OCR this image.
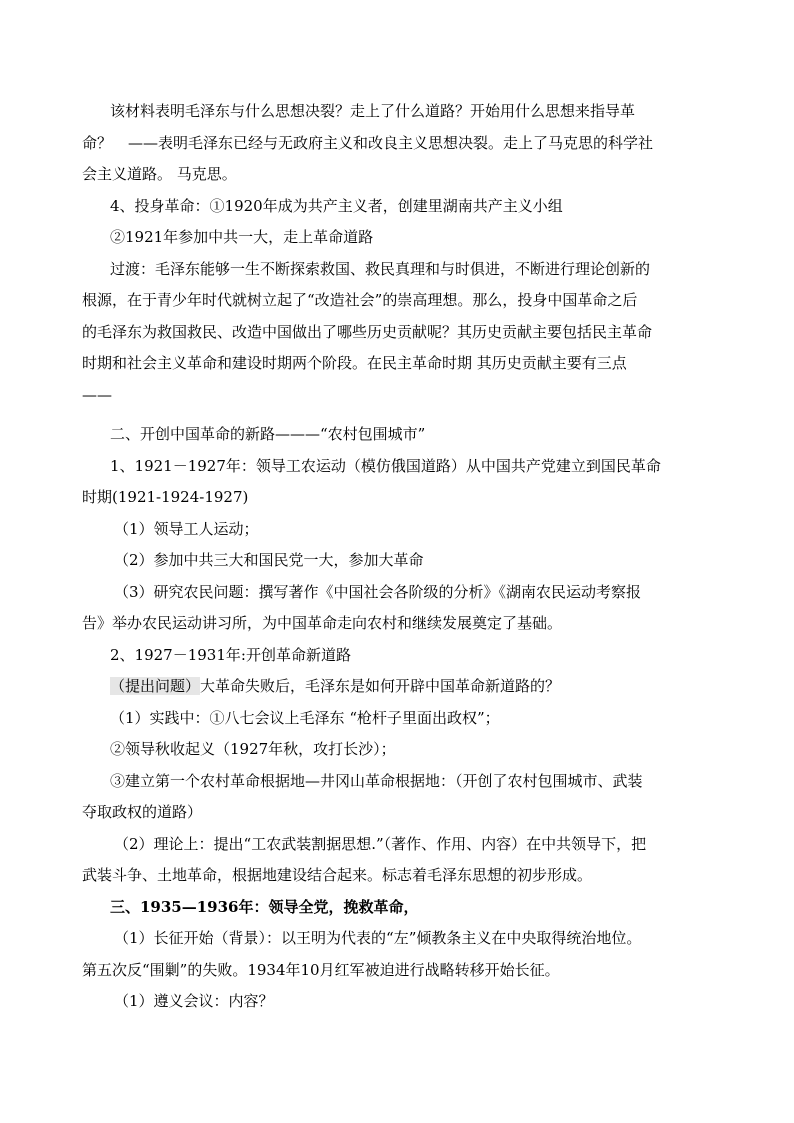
该材料表明毛泽东与什么思想决裂？走上了什么道路？开始用什么思想来指导革

命？ ——表明毛泽东已经与无政府主义和改良主义思想决裂。走上了马克思的科学社

会主义道路。 马克思。

4、投身革命：①1920年成为共产主义者，创建里湖南共产主义小组

②1921年参加中共一大，走上革命道路

过渡：毛泽东能够一生不断探索救国、救民真理和与时俱进，不断进行理论创新的

根源，在于青少年时代就树立起了“改造社会”的崇高理想。那么，投身中国革命之后

的毛泽东为救国救民、改造中国做出了哪些历史贡献呢？其历史贡献主要包括民主革命

时期和社会主义革命和建设时期两个阶段。在民主革命时期 其历史贡献主要有三点

——

二、开创中国革命的新路———“农村包围城市”

1、1921－1927年：领导工农运动（模仿俄国道路）从中国共产党建立到国民革命

时期(1921-1924-1927)

（1）领导工人运动；

（2）参加中共三大和国民党一大，参加大革命

（3）研究农民问题：撰写著作《中国社会各阶级的分析》《湖南农民运动考察报

告》举办农民运动讲习所，为中国革命走向农村和继续发展奠定了基础。

2、1927－1931年:开创革命新道路

（提出问题）大革命失败后，毛泽东是如何开辟中国革命新道路的？

（1）实践中：①八七会议上毛泽东 “枪杆子里面出政权”；

②领导秋收起义（1927年秋，攻打长沙）；

③建立第一个农村革命根据地—井冈山革命根据地：（开创了农村包围城市、武装

夺取政权的道路）

（2）理论上：提出“工农武装割据思想.”（著作、作用、内容）在中共领导下，把

武装斗争、土地革命，根据地建设结合起来。标志着毛泽东思想的初步形成。

三、1935—1936年：领导全党，挽救革命，

（1）长征开始（背景）：以王明为代表的“左”倾教条主义在中央取得统治地位。

第五次反“围剿”的失败。1934年10月红军被迫进行战略转移开始长征。

（1）遵义会议：内容？
